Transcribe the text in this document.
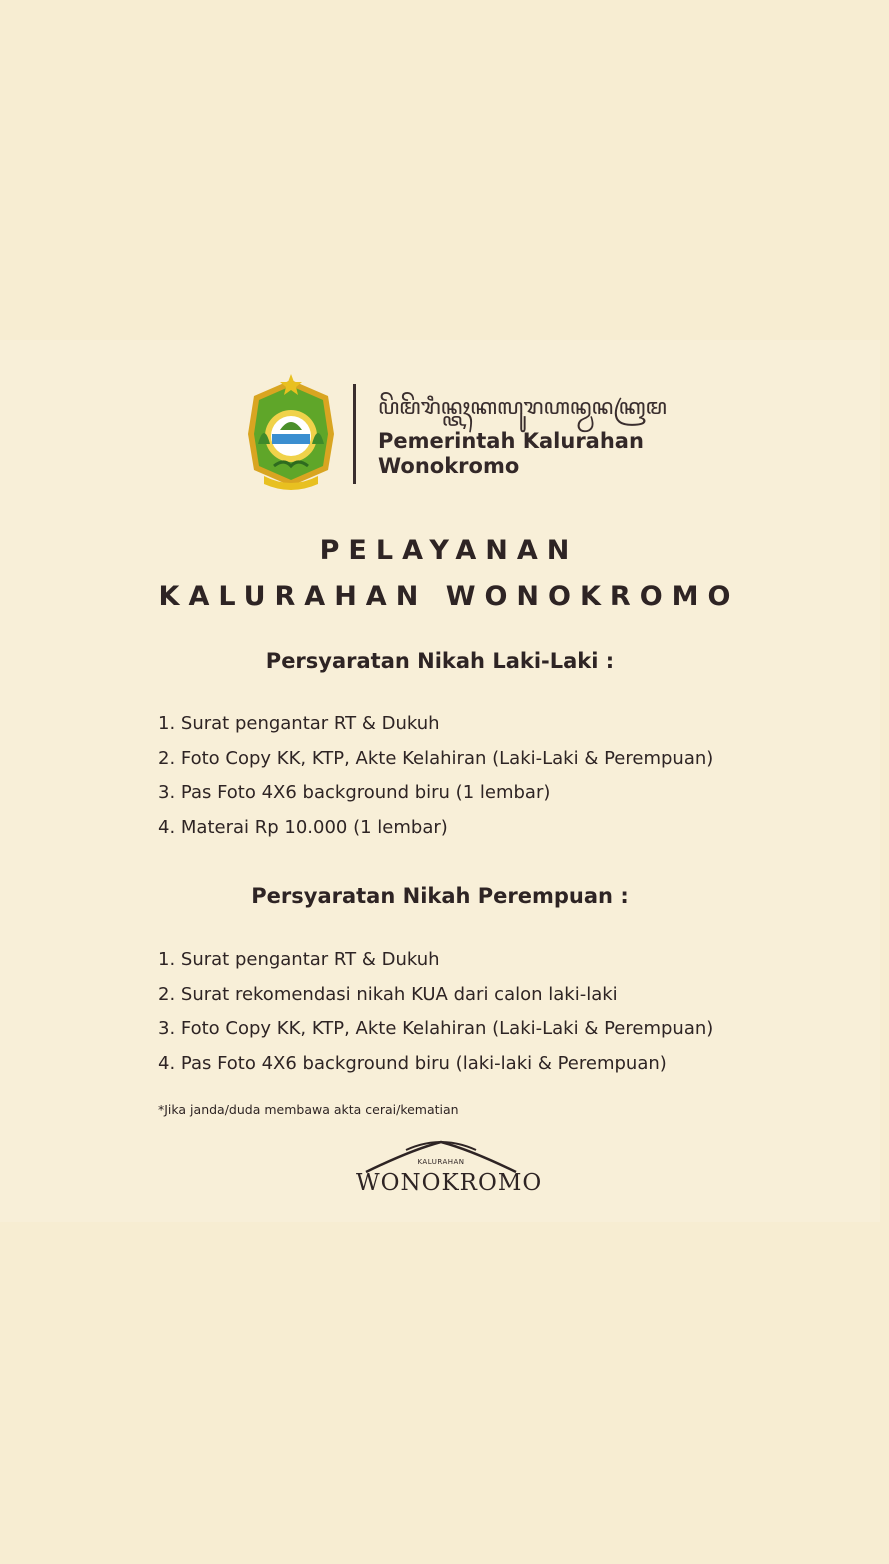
ꦥꦼꦩꦼꦫꦶꦤ꧀ꦠꦃꦏꦭꦸꦫꦲꦤ꧀ꦮꦤꦏꦿꦩ
Pemerintah Kalurahan
Wonokromo
PELAYANAN
KALURAHAN WONOKROMO
Persyaratan Nikah Laki-Laki :
1. Surat pengantar RT & Dukuh
2. Foto Copy KK, KTP, Akte Kelahiran (Laki-Laki & Perempuan)
3. Pas Foto 4X6 background biru (1 lembar)
4. Materai Rp 10.000 (1 lembar)
Persyaratan Nikah Perempuan :
1. Surat pengantar RT & Dukuh
2. Surat rekomendasi nikah KUA dari calon laki-laki
3. Foto Copy KK, KTP, Akte Kelahiran (Laki-Laki & Perempuan)
4. Pas Foto 4X6 background biru (laki-laki & Perempuan)

*Jika janda/duda membawa akta cerai/kematian

KALURAHAN
WONOKROMO
